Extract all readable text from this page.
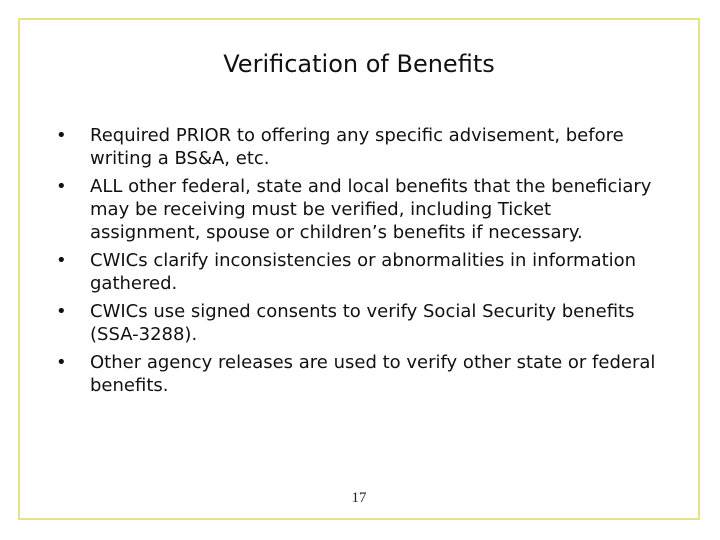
Verification of Benefits
•	Required PRIOR to offering any specific advisement, before writing a BS&A, etc.
•	ALL other federal, state and local benefits that the beneficiary may be receiving must be verified, including Ticket assignment, spouse or children’s benefits if necessary.
•	CWICs clarify inconsistencies or abnormalities in information gathered.
•	CWICs use signed consents to verify Social Security benefits (SSA-3288).
•	Other agency releases are used to verify other state or federal benefits.
17
